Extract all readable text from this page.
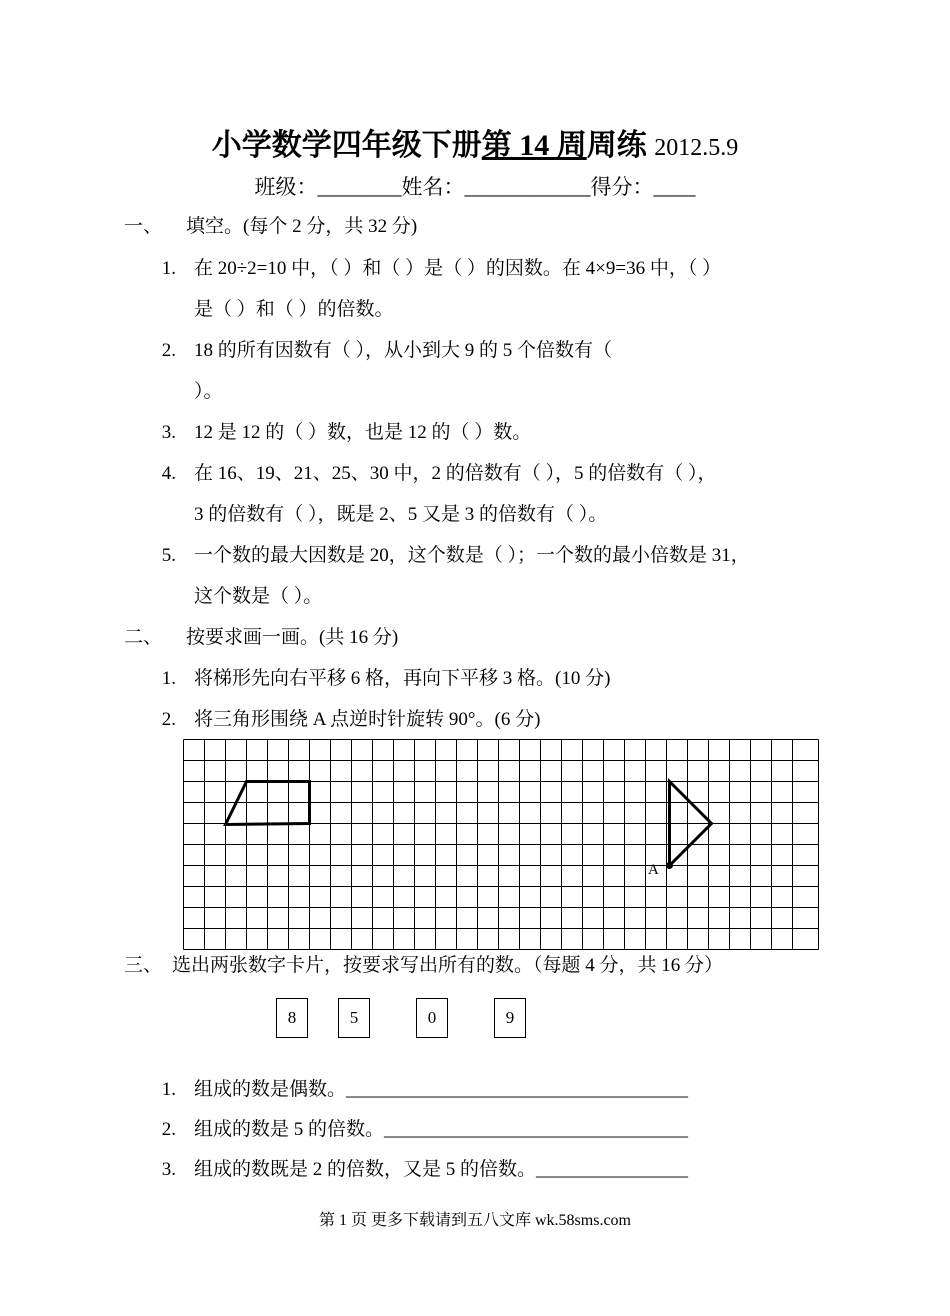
小学数学四年级下册第 14 周周练 2012.5.9
班级：________姓名：____________得分：____
一、 填空。(每个 2 分，共 32 分)
1. 在 20÷2=10 中，（ ）和（ ）是（ ）的因数。在 4×9=36 中，（ ）
是（ ）和（ ）的倍数。
2. 18 的所有因数有（ ），从小到大 9 的 5 个倍数有（
）。
3. 12 是 12 的（ ）数，也是 12 的（ ）数。
4. 在 16、19、21、25、30 中，2 的倍数有（ ），5 的倍数有（ ），
3 的倍数有（ ），既是 2、5 又是 3 的倍数有（ ）。
5. 一个数的最大因数是 20，这个数是（ ）；一个数的最小倍数是 31，
这个数是（ ）。
二、 按要求画一画。(共 16 分)
1. 将梯形先向右平移 6 格，再向下平移 3 格。(10 分)
2. 将三角形围绕 A 点逆时针旋转 90°。(6 分)
A
三、 选出两张数字卡片，按要求写出所有的数。（每题 4 分，共 16 分）
8	5	0	9
1. 组成的数是偶数。____________________________________
2. 组成的数是 5 的倍数。________________________________
3. 组成的数既是 2 的倍数，又是 5 的倍数。________________
第 1 页 更多下载请到五八文库 wk.58sms.com
